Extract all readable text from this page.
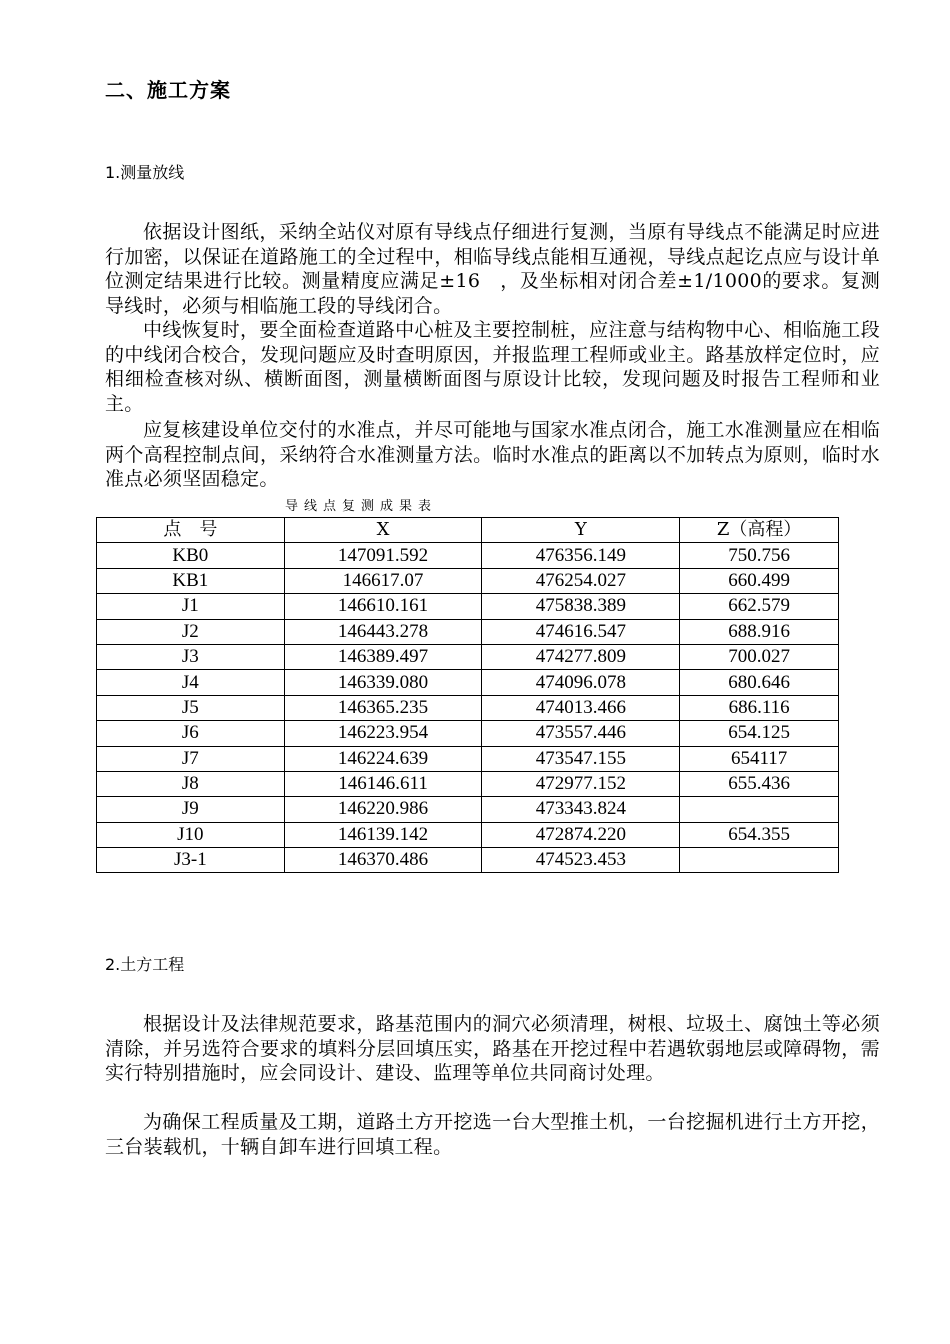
二、施工方案
1.测量放线

依据设计图纸，采纳全站仪对原有导线点仔细进行复测，当原有导线点不能满足时应进行加密，以保证在道路施工的全过程中，相临导线点能相互通视，导线点起讫点应与设计单位测定结果进行比较。测量精度应满足±16　，及坐标相对闭合差±1/1000的要求。复测导线时，必须与相临施工段的导线闭合。

中线恢复时，要全面检查道路中心桩及主要控制桩，应注意与结构物中心、相临施工段的中线闭合校合，发现问题应及时查明原因，并报监理工程师或业主。路基放样定位时，应相细检查核对纵、横断面图，测量横断面图与原设计比较，发现问题及时报告工程师和业主。

应复核建设单位交付的水准点，并尽可能地与国家水准点闭合，施工水准测量应在相临两个高程控制点间，采纳符合水准测量方法。临时水准点的距离以不加转点为原则，临时水准点必须坚固稳定。

导线点复测成果表
点　号	X	Y	Z（高程）
KB0	147091.592	476356.149	750.756
KB1	146617.07	476254.027	660.499
J1	146610.161	475838.389	662.579
J2	146443.278	474616.547	688.916
J3	146389.497	474277.809	700.027
J4	146339.080	474096.078	680.646
J5	146365.235	474013.466	686.116
J6	146223.954	473557.446	654.125
J7	146224.639	473547.155	654117
J8	146146.611	472977.152	655.436
J9	146220.986	473343.824	
J10	146139.142	472874.220	654.355
J3-1	146370.486	474523.453	
2.土方工程

根据设计及法律规范要求，路基范围内的洞穴必须清理，树根、垃圾土、腐蚀土等必须清除，并另选符合要求的填料分层回填压实，路基在开挖过程中若遇软弱地层或障碍物，需实行特别措施时，应会同设计、建设、监理等单位共同商讨处理。

为确保工程质量及工期，道路土方开挖选一台大型推土机，一台挖掘机进行土方开挖，三台装载机，十辆自卸车进行回填工程。
